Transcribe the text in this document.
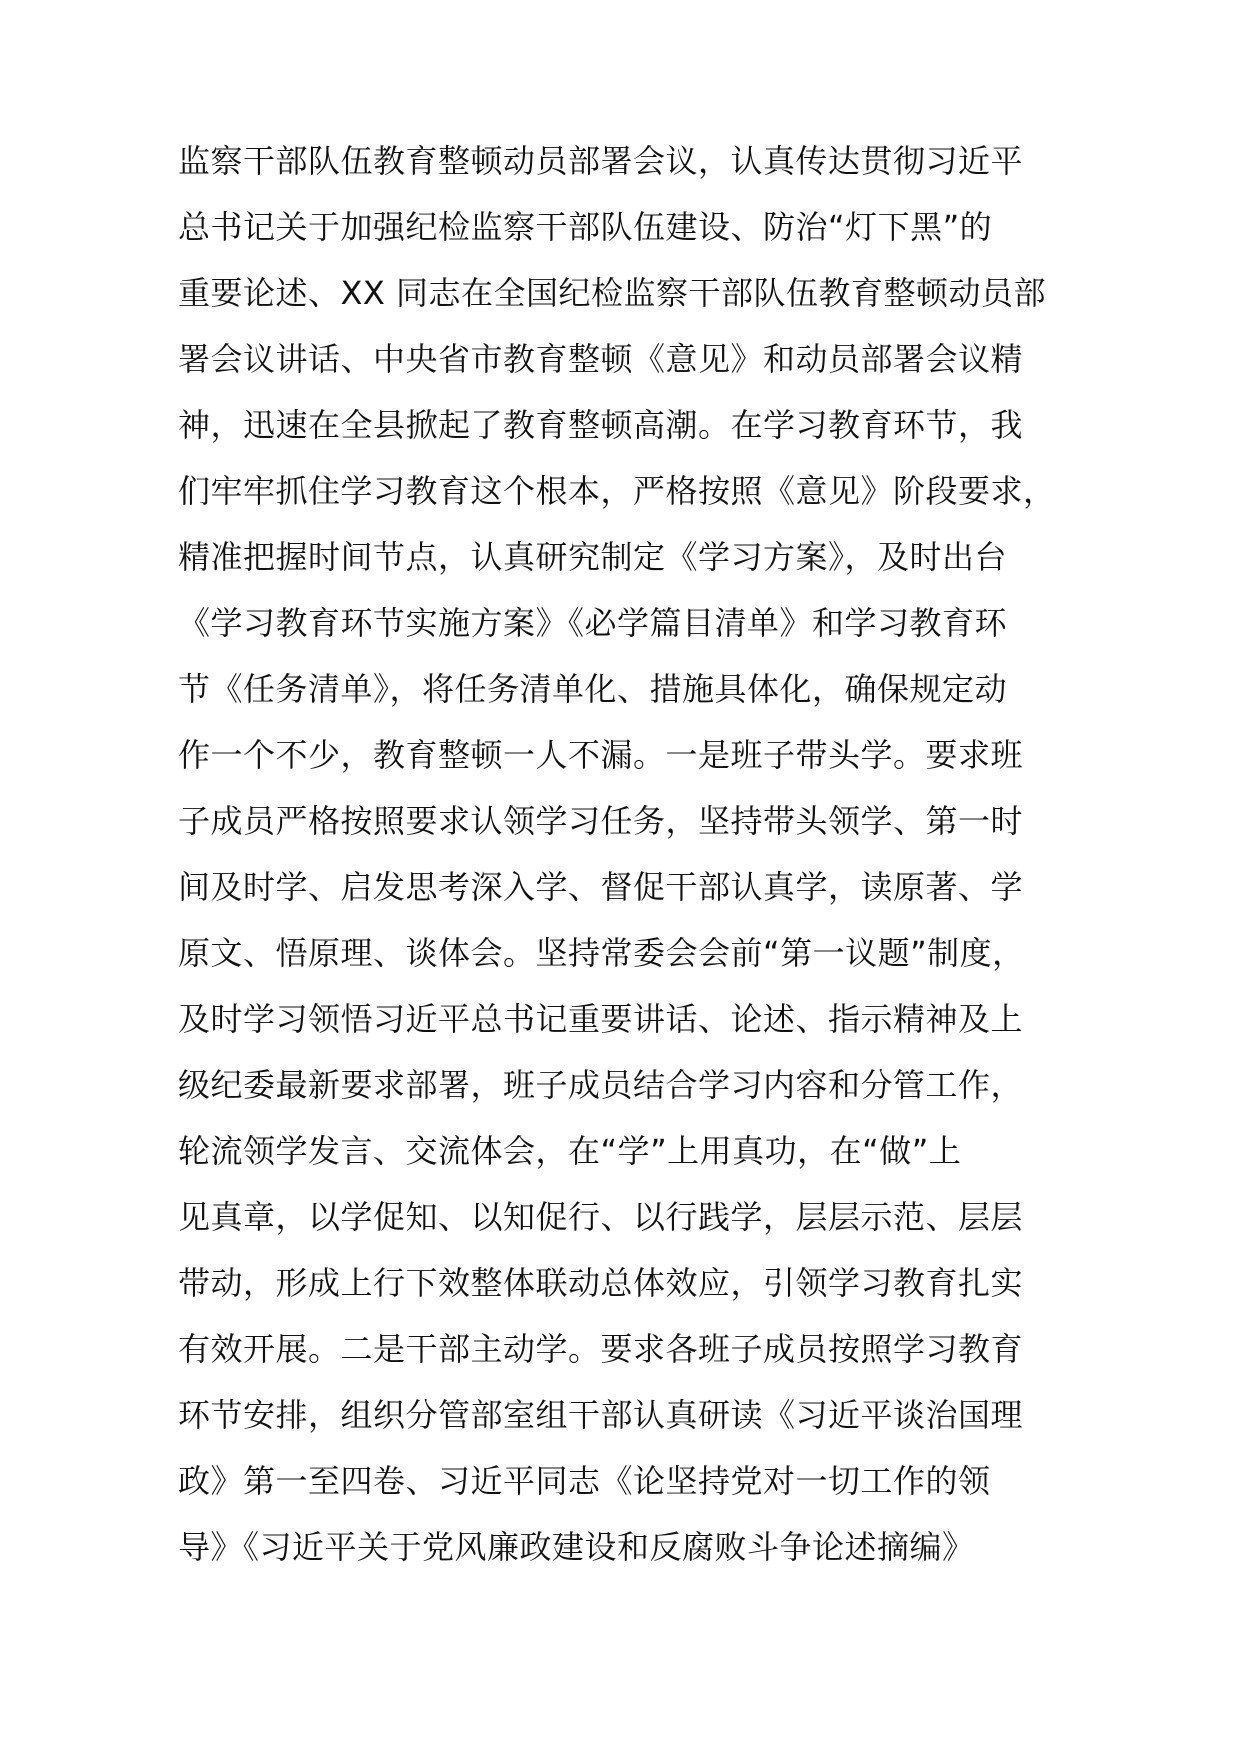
监察干部队伍教育整顿动员部署会议，认真传达贯彻习近平
总书记关于加强纪检监察干部队伍建设、防治“灯下黑”的
重要论述、XX 同志在全国纪检监察干部队伍教育整顿动员部
署会议讲话、中央省市教育整顿《意见》和动员部署会议精
神，迅速在全县掀起了教育整顿高潮。在学习教育环节，我
们牢牢抓住学习教育这个根本，严格按照《意见》阶段要求，
精准把握时间节点，认真研究制定《学习方案》，及时出台
《学习教育环节实施方案》《必学篇目清单》和学习教育环
节《任务清单》，将任务清单化、措施具体化，确保规定动
作一个不少，教育整顿一人不漏。一是班子带头学。要求班
子成员严格按照要求认领学习任务，坚持带头领学、第一时
间及时学、启发思考深入学、督促干部认真学，读原著、学
原文、悟原理、谈体会。坚持常委会会前“第一议题”制度，
及时学习领悟习近平总书记重要讲话、论述、指示精神及上
级纪委最新要求部署，班子成员结合学习内容和分管工作，
轮流领学发言、交流体会，在“学”上用真功，在“做”上
见真章，以学促知、以知促行、以行践学，层层示范、层层
带动，形成上行下效整体联动总体效应，引领学习教育扎实
有效开展。二是干部主动学。要求各班子成员按照学习教育
环节安排，组织分管部室组干部认真研读《习近平谈治国理
政》第一至四卷、习近平同志《论坚持党对一切工作的领
导》《习近平关于党风廉政建设和反腐败斗争论述摘编》
